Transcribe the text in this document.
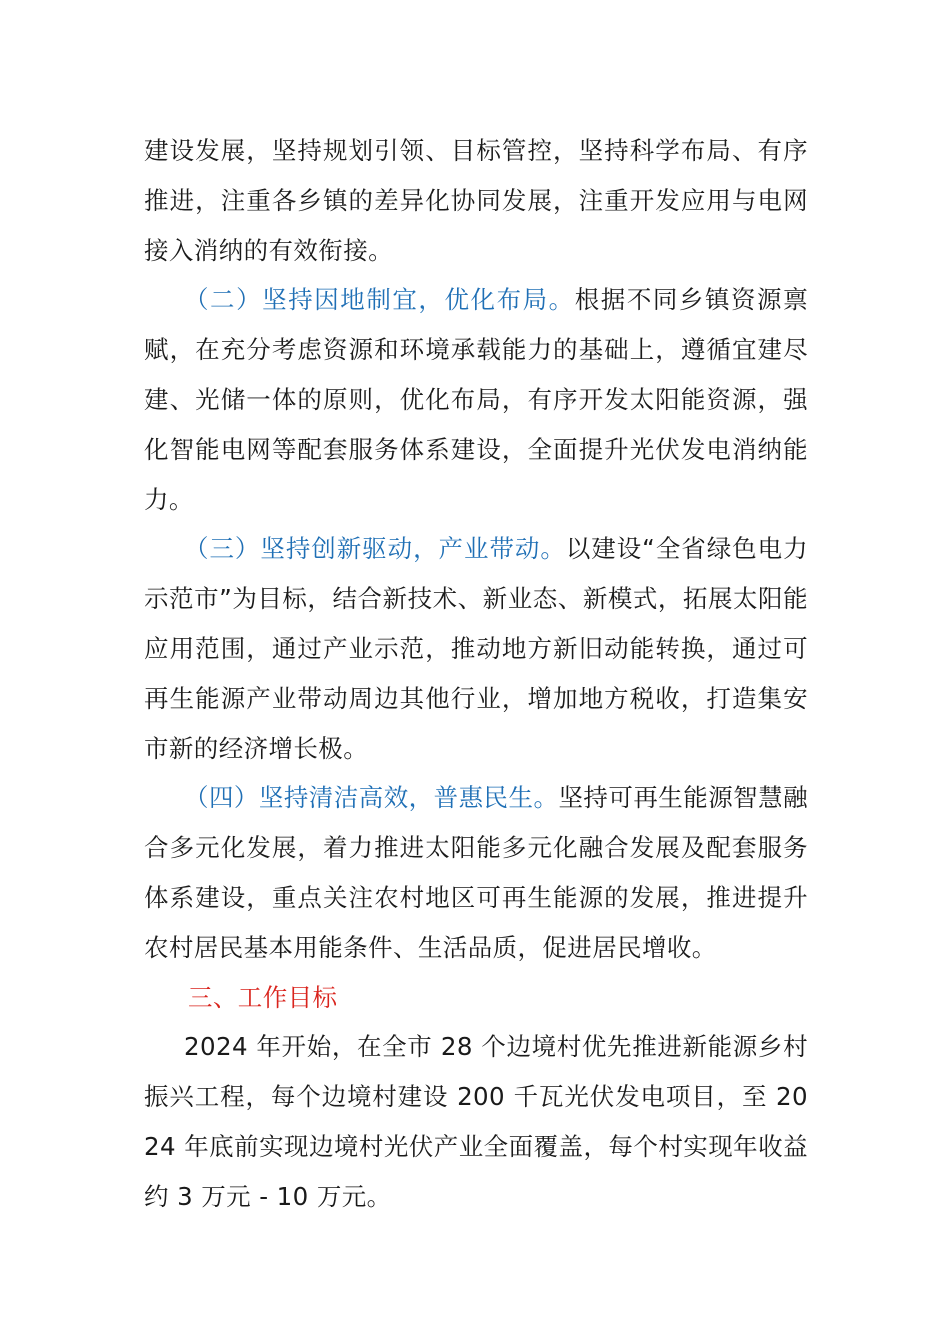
建设发展，坚持规划引领、目标管控，坚持科学布局、有序推进，注重各乡镇的差异化协同发展，注重开发应用与电网接入消纳的有效衔接。

（二）坚持因地制宜，优化布局。根据不同乡镇资源禀赋，在充分考虑资源和环境承载能力的基础上，遵循宜建尽建、光储一体的原则，优化布局，有序开发太阳能资源，强化智能电网等配套服务体系建设，全面提升光伏发电消纳能力。

（三）坚持创新驱动，产业带动。以建设“全省绿色电力示范市”为目标，结合新技术、新业态、新模式，拓展太阳能应用范围，通过产业示范，推动地方新旧动能转换，通过可再生能源产业带动周边其他行业，增加地方税收，打造集安市新的经济增长极。

（四）坚持清洁高效，普惠民生。坚持可再生能源智慧融合多元化发展，着力推进太阳能多元化融合发展及配套服务体系建设，重点关注农村地区可再生能源的发展，推进提升农村居民基本用能条件、生活品质，促进居民增收。

三、工作目标

2024 年开始，在全市 28 个边境村优先推进新能源乡村振兴工程，每个边境村建设 200 千瓦光伏发电项目，至 2024 年底前实现边境村光伏产业全面覆盖，每个村实现年收益约 3 万元 - 10 万元。
